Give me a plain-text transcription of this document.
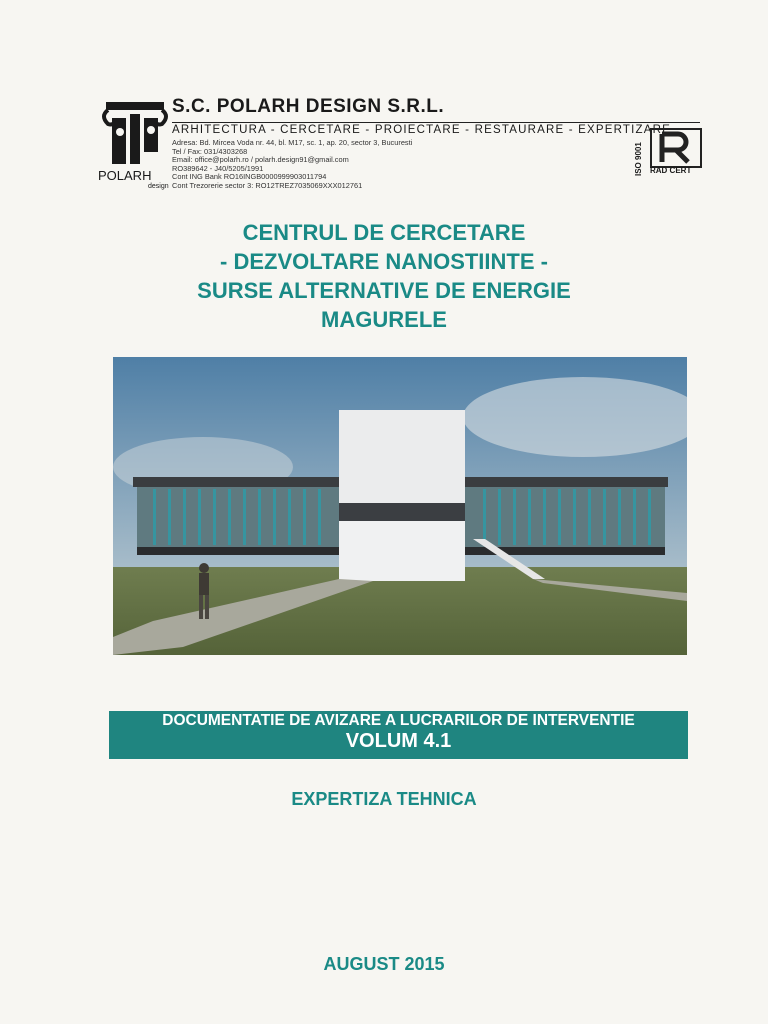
POLARH
design
S.C. POLARH DESIGN S.R.L.
ARHITECTURA - CERCETARE - PROIECTARE - RESTAURARE - EXPERTIZARE
Adresa: Bd. Mircea Voda nr. 44, bl. M17, sc. 1, ap. 20, sector 3, Bucuresti
Tel / Fax: 031/4303268
Email: office@polarh.ro / polarh.design91@gmail.com
RO389642 - J40/5205/1991
Cont ING Bank RO16INGB0000999903011794
Cont Trezorerie sector 3: RO12TREZ7035069XXX012761
ISO 9001 RAD CERT
CENTRUL DE CERCETARE
- DEZVOLTARE NANOSTIINTE -
SURSE ALTERNATIVE DE ENERGIE
MAGURELE
DOCUMENTATIE DE AVIZARE A LUCRARILOR DE INTERVENTIE
VOLUM 4.1
EXPERTIZA TEHNICA
AUGUST 2015
